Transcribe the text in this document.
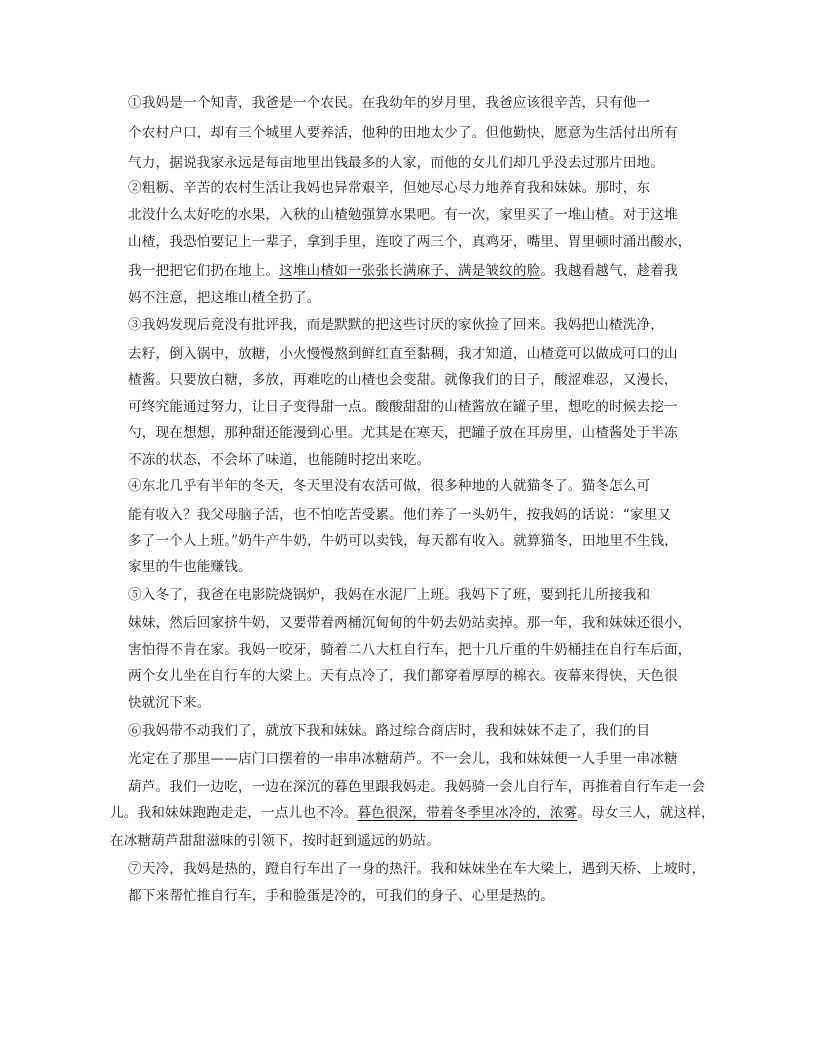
①我妈是一个知青，我爸是一个农民。在我幼年的岁月里，我爸应该很辛苦，只有他一
个农村户口，却有三个城里人要养活，他种的田地太少了。但他勤快，愿意为生活付出所有
气力，据说我家永远是每亩地里出钱最多的人家，而他的女儿们却几乎没去过那片田地。
②粗粝、辛苦的农村生活让我妈也异常艰辛，但她尽心尽力地养育我和妹妹。那时，东
北没什么太好吃的水果，入秋的山楂勉强算水果吧。有一次，家里买了一堆山楂。对于这堆
山楂，我恐怕要记上一辈子，拿到手里，连咬了两三个，真鸡牙，嘴里、胃里顿时涌出酸水，
我一把把它们扔在地上。这堆山楂如一张张长满麻子、满是皱纹的脸。我越看越气，趁着我
妈不注意，把这堆山楂全扔了。
③我妈发现后竟没有批评我，而是默默的把这些讨厌的家伙捡了回来。我妈把山楂洗净，
去籽，倒入锅中，放糖，小火慢慢熬到鲜红直至黏稠，我才知道，山楂竟可以做成可口的山
楂酱。只要放白糖，多放，再难吃的山楂也会变甜。就像我们的日子，酸涩难忍，又漫长，
可终究能通过努力，让日子变得甜一点。酸酸甜甜的山楂酱放在罐子里，想吃的时候去挖一
勺，现在想想，那种甜还能漫到心里。尤其是在寒天，把罐子放在耳房里，山楂酱处于半冻
不冻的状态，不会坏了味道，也能随时挖出来吃。
④东北几乎有半年的冬天，冬天里没有农活可做，很多种地的人就猫冬了。猫冬怎么可
能有收入？我父母脑子活，也不怕吃苦受累。他们养了一头奶牛，按我妈的话说：“家里又
多了一个人上班。”奶牛产牛奶，牛奶可以卖钱，每天都有收入。就算猫冬，田地里不生钱，
家里的牛也能赚钱。
⑤入冬了，我爸在电影院烧锅炉，我妈在水泥厂上班。我妈下了班，要到托儿所接我和
妹妹，然后回家挤牛奶，又要带着两桶沉甸甸的牛奶去奶站卖掉。那一年，我和妹妹还很小，
害怕得不肯在家。我妈一咬牙，骑着二八大杠自行车，把十几斤重的牛奶桶挂在自行车后面，
两个女儿坐在自行车的大梁上。天有点冷了，我们都穿着厚厚的棉衣。夜幕来得快，天色很
快就沉下来。
⑥我妈带不动我们了，就放下我和妹妹。路过综合商店时，我和妹妹不走了，我们的目
光定在了那里——店门口摆着的一串串冰糖葫芦。不一会儿，我和妹妹便一人手里一串冰糖
葫芦。我们一边吃，一边在深沉的暮色里跟我妈走。我妈骑一会儿自行车，再推着自行车走一会
儿。我和妹妹跑跑走走，一点儿也不冷。暮色很深，带着冬季里冰冷的，浓雾。母女三人，就这样，
在冰糖葫芦甜甜滋味的引领下，按时赶到遥远的奶站。
⑦天冷，我妈是热的，蹬自行车出了一身的热汗。我和妹妹坐在车大梁上，遇到天桥、上坡时，
都下来帮忙推自行车，手和脸蛋是冷的，可我们的身子、心里是热的。
